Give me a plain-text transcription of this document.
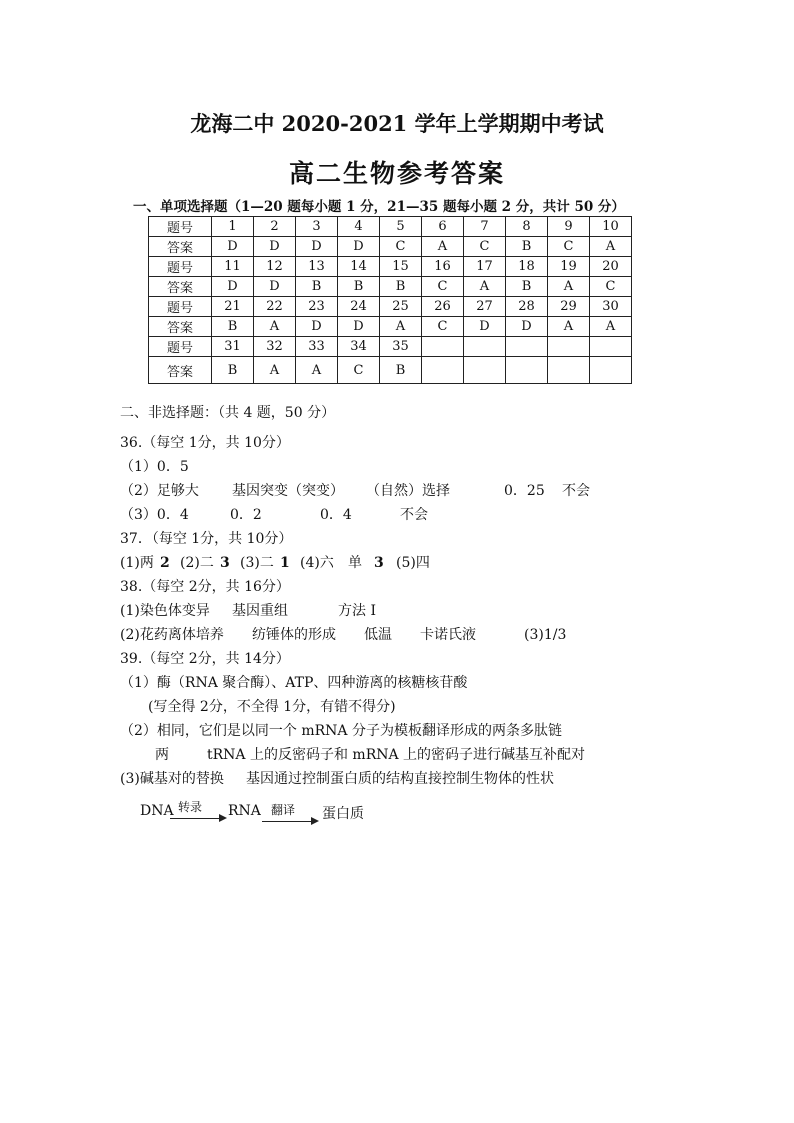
龙海二中 2020-2021 学年上学期期中考试
高二生物参考答案
一、单项选择题（1—20 题每小题 1 分，21—35 题每小题 2 分，共计 50 分）
题号	1	2	3	4	5	6	7	8	9	10
答案	D	D	D	D	C	A	C	B	C	A
题号	11	12	13	14	15	16	17	18	19	20
答案	D	D	B	B	B	C	A	B	A	C
题号	21	22	23	24	25	26	27	28	29	30
答案	B	A	D	D	A	C	D	D	A	A
题号	31	32	33	34	35					
答案	B	A	A	C	B					
二、非选择题：（共 4 题，50 分）
36.（每空 1分，共 10分）
（1）0．5
（2）足够大 基因突变（突变） （自然）选择	0．25 不会
（3）0．4	0．2	0．4	不会
37．（每空 1分，共 10分）
(1)两 2 (2)二 3 (3)二 1 (4)六 单 3 (5)四
38.（每空 2分，共 16分）
(1)染色体变异 基因重组	方法 I
(2)花药离体培养 纺锤体的形成 低温 卡诺氏液	(3)1/3
39.（每空 2分，共 14分）
（1）酶（RNA 聚合酶）、ATP、四种游离的核糖核苷酸
(写全得 2分，不全得 1分，有错不得分)
（2）相同，它们是以同一个 mRNA 分子为模板翻译形成的两条多肽链
两	tRNA 上的反密码子和 mRNA 上的密码子进行碱基互补配对
(3)碱基对的替换 基因通过控制蛋白质的结构直接控制生物体的性状
DNA 转录 RNA 翻译 蛋白质
